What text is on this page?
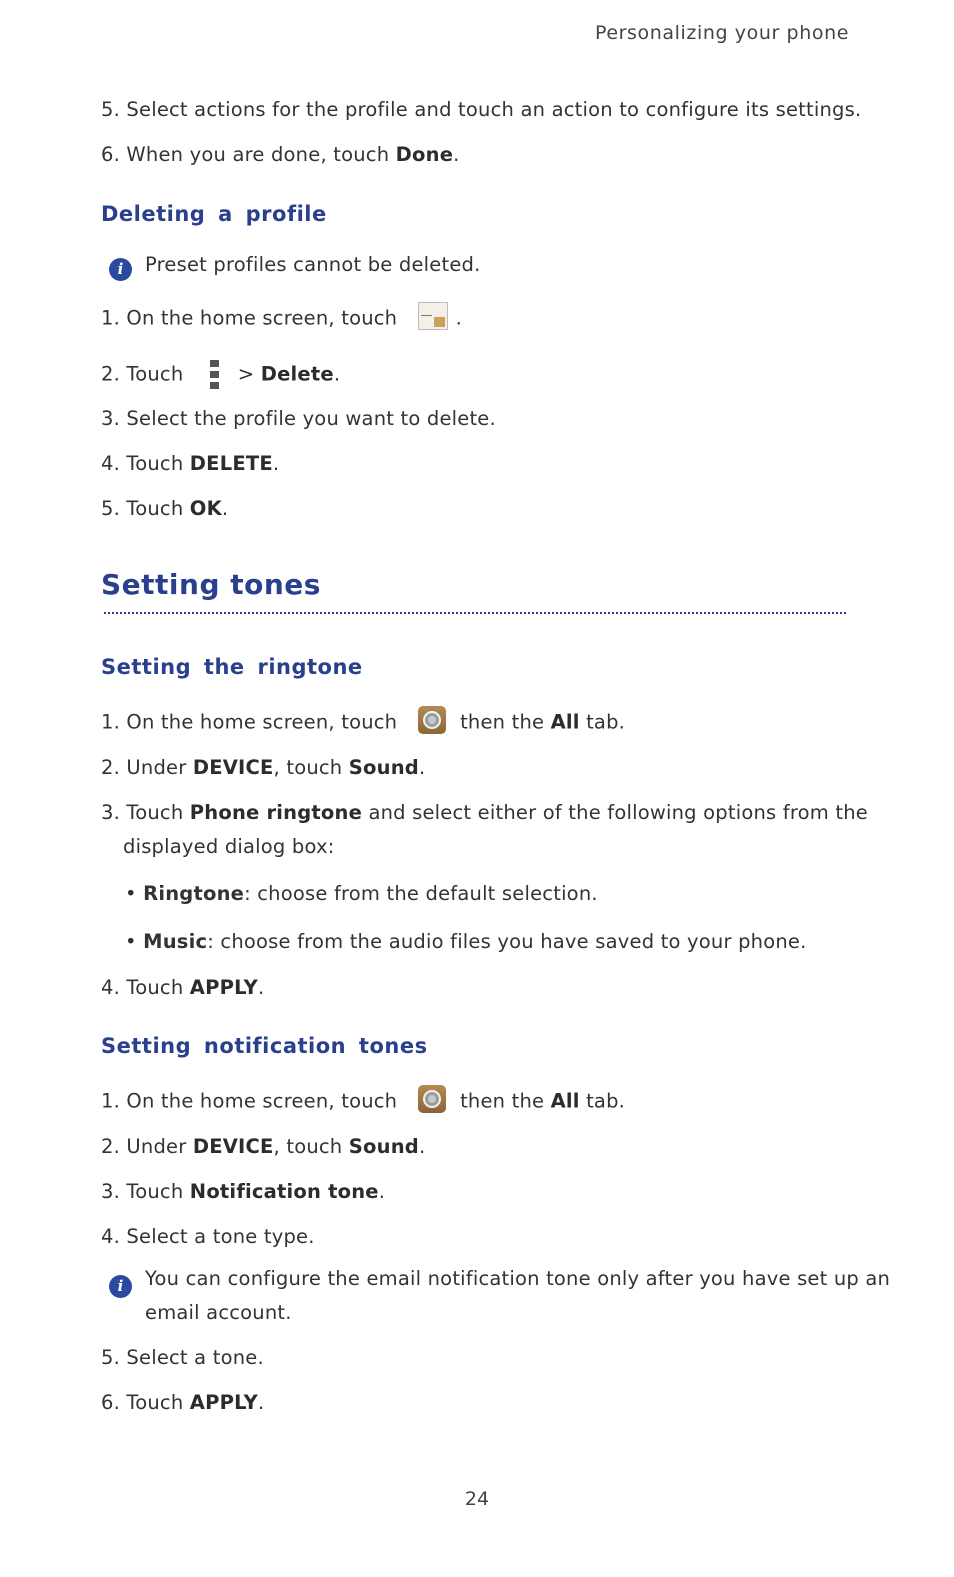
Personalizing your phone
5. Select actions for the profile and touch an action to configure its settings.
6. When you are done, touch Done.
Deleting a profile
i	Preset profiles cannot be deleted.
1. On the home screen, touch	.
2. Touch	> Delete.
3. Select the profile you want to delete.
4. Touch DELETE.
5. Touch OK.
Setting tones
Setting the ringtone
1. On the home screen, touch	then the All tab.
2. Under DEVICE, touch Sound.
3. Touch Phone ringtone and select either of the following options from the
displayed dialog box:
• Ringtone: choose from the default selection.
• Music: choose from the audio files you have saved to your phone.
4. Touch APPLY.
Setting notification tones
1. On the home screen, touch	then the All tab.
2. Under DEVICE, touch Sound.
3. Touch Notification tone.
4. Select a tone type.
i	You can configure the email notification tone only after you have set up an
email account.
5. Select a tone.
6. Touch APPLY.
24
